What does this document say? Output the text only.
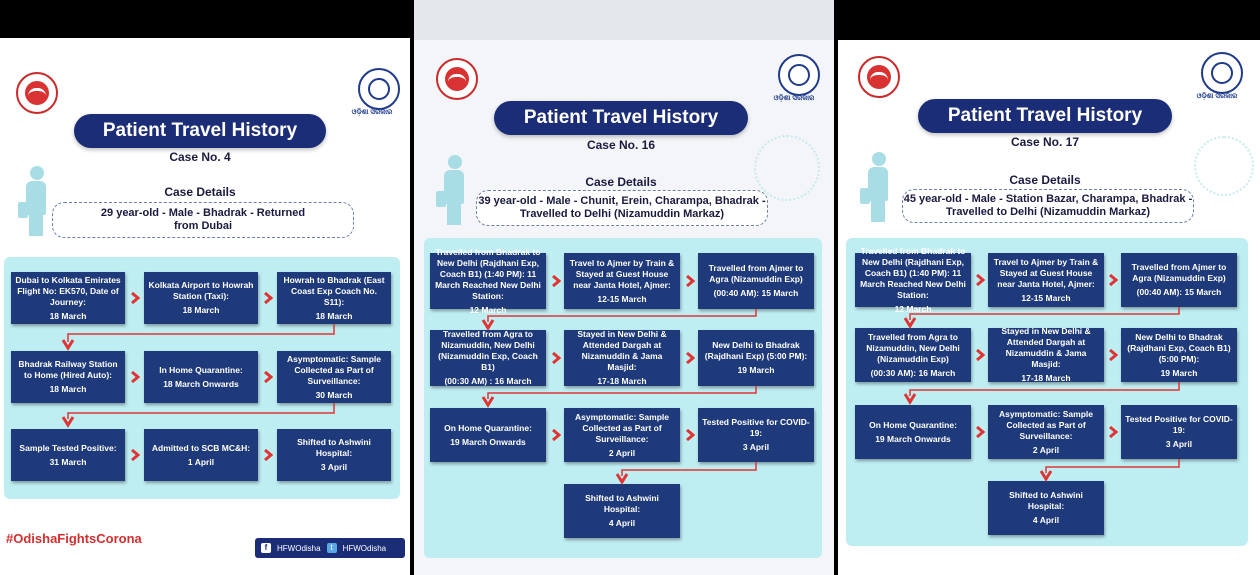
ଓଡ଼ିଶା ସରକାର
Patient Travel History
Case No. 4
Case Details
29 year-old - Male - Bhadrak - Returned from Dubai
Dubai to Kolkata Emirates Flight No: EK570, Date of Journey:
18 March
Kolkata Airport to Howrah Station (Taxi):
18 March
Howrah to Bhadrak (East Coast Exp Coach No. S11):
18 March
Bhadrak Railway Station to Home (Hired Auto):
18 March
In Home Quarantine:
18 March Onwards
Asymptomatic: Sample Collected as Part of Surveillance:
30 March
Sample Tested Positive:
31 March
Admitted to SCB MC&H:
1 April
Shifted to Ashwini Hospital:
3 April
#OdishaFightsCorona
f	HFWOdisha	t	HFWOdisha
ଓଡ଼ିଶା ସରକାର
Patient Travel History
Case No. 16
Case Details
39 year-old - Male - Chunit, Erein, Charampa, Bhadrak - Travelled to Delhi (Nizamuddin Markaz)
Travelled from Bhadrak to New Delhi (Rajdhani Exp, Coach B1) (1:40 PM): 11 March Reached New Delhi Station:
12 March
Travel to Ajmer by Train & Stayed at Guest House near Janta Hotel, Ajmer:
12-15 March
Travelled from Ajmer to Agra (Nizamuddin Exp)
(00:40 AM): 15 March
Travelled from Agra to Nizamuddin, New Delhi (Nizamuddin Exp, Coach B1)
(00:30 AM) : 16 March
Stayed in New Delhi & Attended Dargah at Nizamuddin & Jama Masjid:
17-18 March
New Delhi to Bhadrak (Rajdhani Exp) (5:00 PM):
19 March
On Home Quarantine:
19 March Onwards
Asymptomatic: Sample Collected as Part of Surveillance:
2 April
Tested Positive for COVID-19:
3 April
Shifted to Ashwini Hospital:
4 April
ଓଡ଼ିଶା ସରକାର
Patient Travel History
Case No. 17
Case Details
45 year-old - Male - Station Bazar, Charampa, Bhadrak - Travelled to Delhi (Nizamuddin Markaz)
Travelled from Bhadrak to New Delhi (Rajdhani Exp, Coach B1) (1:40 PM): 11 March Reached New Delhi Station:
12 March
Travel to Ajmer by Train & Stayed at Guest House near Janta Hotel, Ajmer:
12-15 March
Travelled from Ajmer to Agra (Nizamuddin Exp)
(00:40 AM): 15 March
Travelled from Agra to Nizamuddin, New Delhi (Nizamuddin Exp)
(00:30 AM): 16 March
Stayed in New Delhi & Attended Dargah at Nizamuddin & Jama Masjid:
17-18 March
New Delhi to Bhadrak (Rajdhani Exp, Coach B1) (5:00 PM):
19 March
On Home Quarantine:
19 March Onwards
Asymptomatic: Sample Collected as Part of Surveillance:
2 April
Tested Positive for COVID-19:
3 April
Shifted to Ashwini Hospital:
4 April
